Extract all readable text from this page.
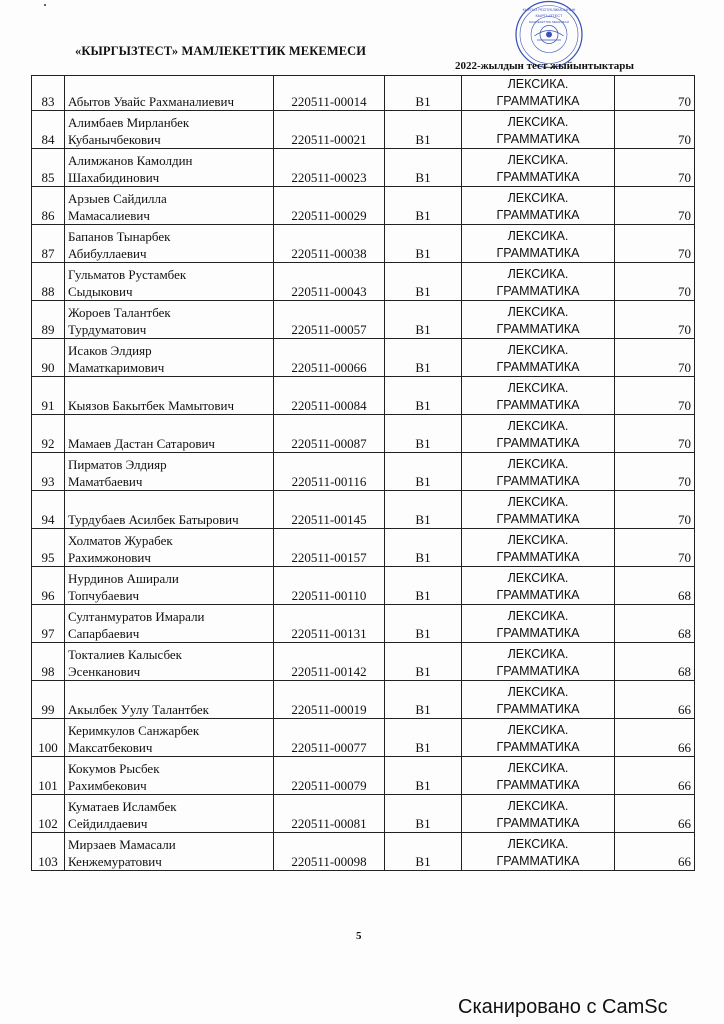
КЫРГЫЗ РЕСПУБЛИКАСЫНЫН
КЫРГЫЗТЕСТ
МАМЛЕКЕТТИК МЕКЕМЕСИ
«КЫРГЫЗТЕСТ» МАМЛЕКЕТТИК МЕКЕМЕСИ
2022-жылдын тест жыйынтыктары
83	Абытов Увайс Рахманалиевич	220511-00014	B1	ЛЕКСИКА.
ГРАММАТИКА	70
84	Алимбаев Мирланбек
Кубанычбекович	220511-00021	B1	ЛЕКСИКА.
ГРАММАТИКА	70
85	Алимжанов Камолдин
Шахабидинович	220511-00023	B1	ЛЕКСИКА.
ГРАММАТИКА	70
86	Арзыев Сайдилла
Мамасалиевич	220511-00029	B1	ЛЕКСИКА.
ГРАММАТИКА	70
87	Бапанов Тынарбек
Абибуллаевич	220511-00038	B1	ЛЕКСИКА.
ГРАММАТИКА	70
88	Гульматов Рустамбек
Сыдыкович	220511-00043	B1	ЛЕКСИКА.
ГРАММАТИКА	70
89	Жороев Талантбек
Турдуматович	220511-00057	B1	ЛЕКСИКА.
ГРАММАТИКА	70
90	Исаков Элдияр
Маматкаримович	220511-00066	B1	ЛЕКСИКА.
ГРАММАТИКА	70
91	Кыязов Бакытбек Мамытович	220511-00084	B1	ЛЕКСИКА.
ГРАММАТИКА	70
92	Мамаев Дастан Сатарович	220511-00087	B1	ЛЕКСИКА.
ГРАММАТИКА	70
93	Пирматов Элдияр
Маматбаевич	220511-00116	B1	ЛЕКСИКА.
ГРАММАТИКА	70
94	Турдубаев Асилбек Батырович	220511-00145	B1	ЛЕКСИКА.
ГРАММАТИКА	70
95	Холматов Журабек
Рахимжонович	220511-00157	B1	ЛЕКСИКА.
ГРАММАТИКА	70
96	Нурдинов Аширали
Топчубаевич	220511-00110	B1	ЛЕКСИКА.
ГРАММАТИКА	68
97	Султанмуратов Имарали
Сапарбаевич	220511-00131	B1	ЛЕКСИКА.
ГРАММАТИКА	68
98	Токталиев Калысбек
Эсенканович	220511-00142	B1	ЛЕКСИКА.
ГРАММАТИКА	68
99	Акылбек Уулу Талантбек	220511-00019	B1	ЛЕКСИКА.
ГРАММАТИКА	66
100	Керимкулов Санжарбек
Максатбекович	220511-00077	B1	ЛЕКСИКА.
ГРАММАТИКА	66
101	Кокумов Рысбек
Рахимбекович	220511-00079	B1	ЛЕКСИКА.
ГРАММАТИКА	66
102	Куматаев Исламбек
Сейдилдаевич	220511-00081	B1	ЛЕКСИКА.
ГРАММАТИКА	66
103	Мирзаев Мамасали
Кенжемуратович	220511-00098	B1	ЛЕКСИКА.
ГРАММАТИКА	66
5
Сканировано с CamSc
